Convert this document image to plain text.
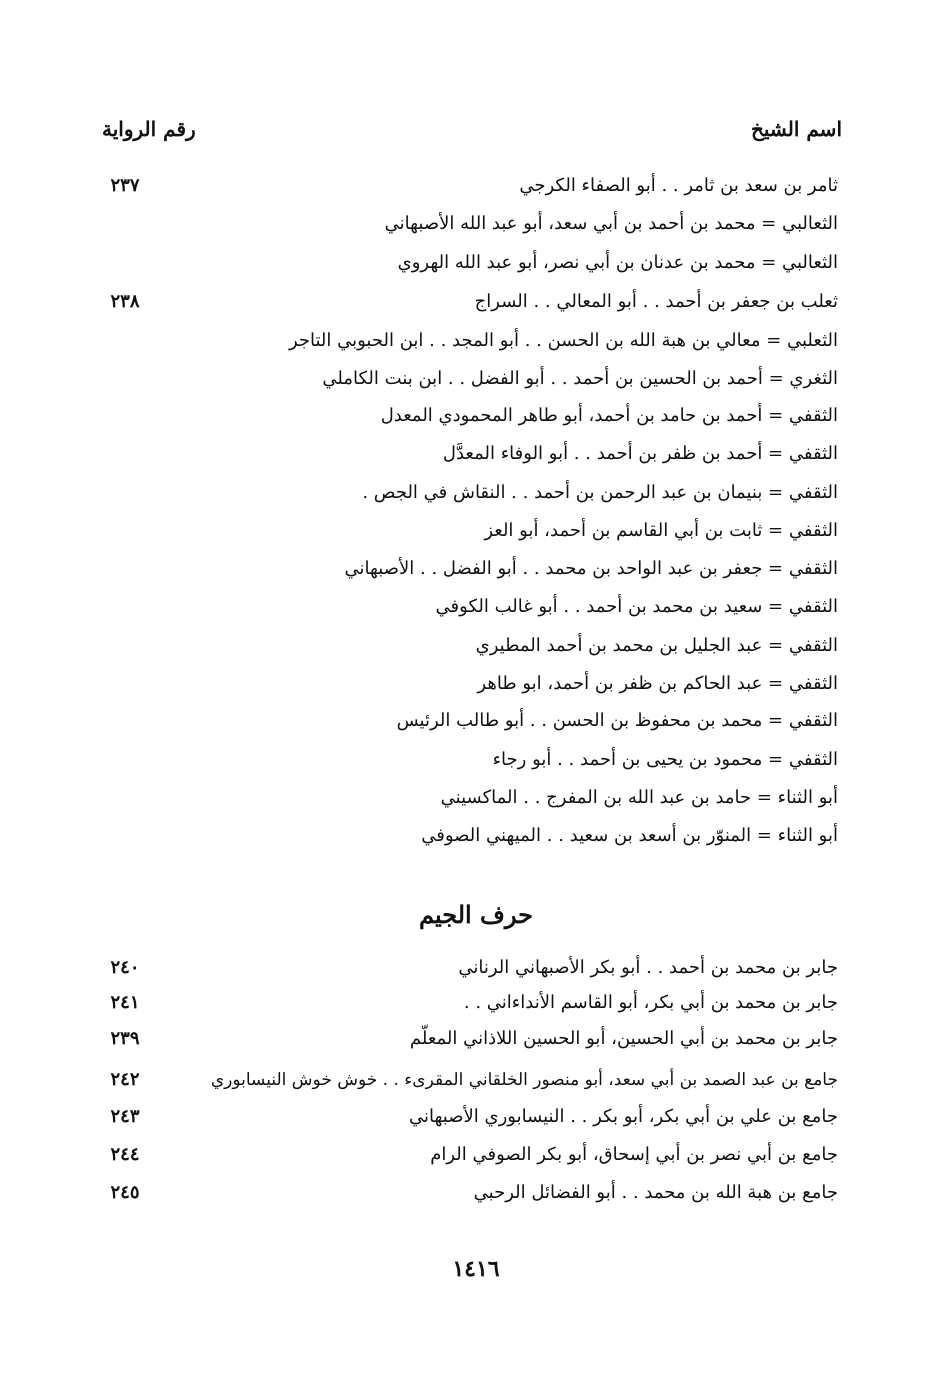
اسم الشيخ
رقم الرواية
ثامر بن سعد بن ثامر . . أبو الصفاء الكرجي
٢٣٧
الثعالبي = محمد بن أحمد بن أبي سعد، أبو عبد الله الأصبهاني
الثعالبي = محمد بن عدنان بن أبي نصر، أبو عبد الله الهروي
ثعلب بن جعفر بن أحمد . . أبو المعالي . . السراج
٢٣٨
الثعلبي = معالي بن هبة الله بن الحسن . . أبو المجد . . ابن الحبوبي التاجر
الثغري = أحمد بن الحسين بن أحمد . . أبو الفضل . . ابن بنت الكاملي
الثقفي = أحمد بن حامد بن أحمد، أبو طاهر المحمودي المعدل
الثقفي = أحمد بن ظفر بن أحمد . . أبو الوفاء المعدَّل
الثقفي = بنيمان بن عبد الرحمن بن أحمد . . النقاش في الجص .
الثقفي = ثابت بن أبي القاسم بن أحمد، أبو العز
الثقفي = جعفر بن عبد الواحد بن محمد . . أبو الفضل . . الأصبهاني
الثقفي = سعيد بن محمد بن أحمد . . أبو غالب الكوفي
الثقفي = عبد الجليل بن محمد بن أحمد المطيري
الثقفي = عبد الحاكم بن ظفر بن أحمد، ابو طاهر
الثقفي = محمد بن محفوظ بن الحسن . . أبو طالب الرئيس
الثقفي = محمود بن يحيى بن أحمد . . أبو رجاء
أبو الثناء = حامد بن عبد الله بن المفرج . . الماكسيني
أبو الثناء = المنوّر بن أسعد بن سعيد . . الميهني الصوفي
حرف الجيم
جابر بن محمد بن أحمد . . أبو بكر الأصبهاني الرناني
٢٤٠
جابر بن محمد بن أبي بكر، أبو القاسم الأنداءاني . .
٢٤١
جابر بن محمد بن أبي الحسين، أبو الحسين اللاذاني المعلّم
٢٣٩
جامع بن عبد الصمد بن أبي سعد، أبو منصور الخلقاني المقرىء . . خوش خوش النيسابوري
٢٤٢
جامع بن علي بن أبي بكر، أبو بكر . . النيسابوري الأصبهاني
٢٤٣
جامع بن أبي نصر بن أبي إسحاق، أبو بكر الصوفي الرام
٢٤٤
جامع بن هبة الله بن محمد . . أبو الفضائل الرحبي
٢٤٥
١٤١٦
